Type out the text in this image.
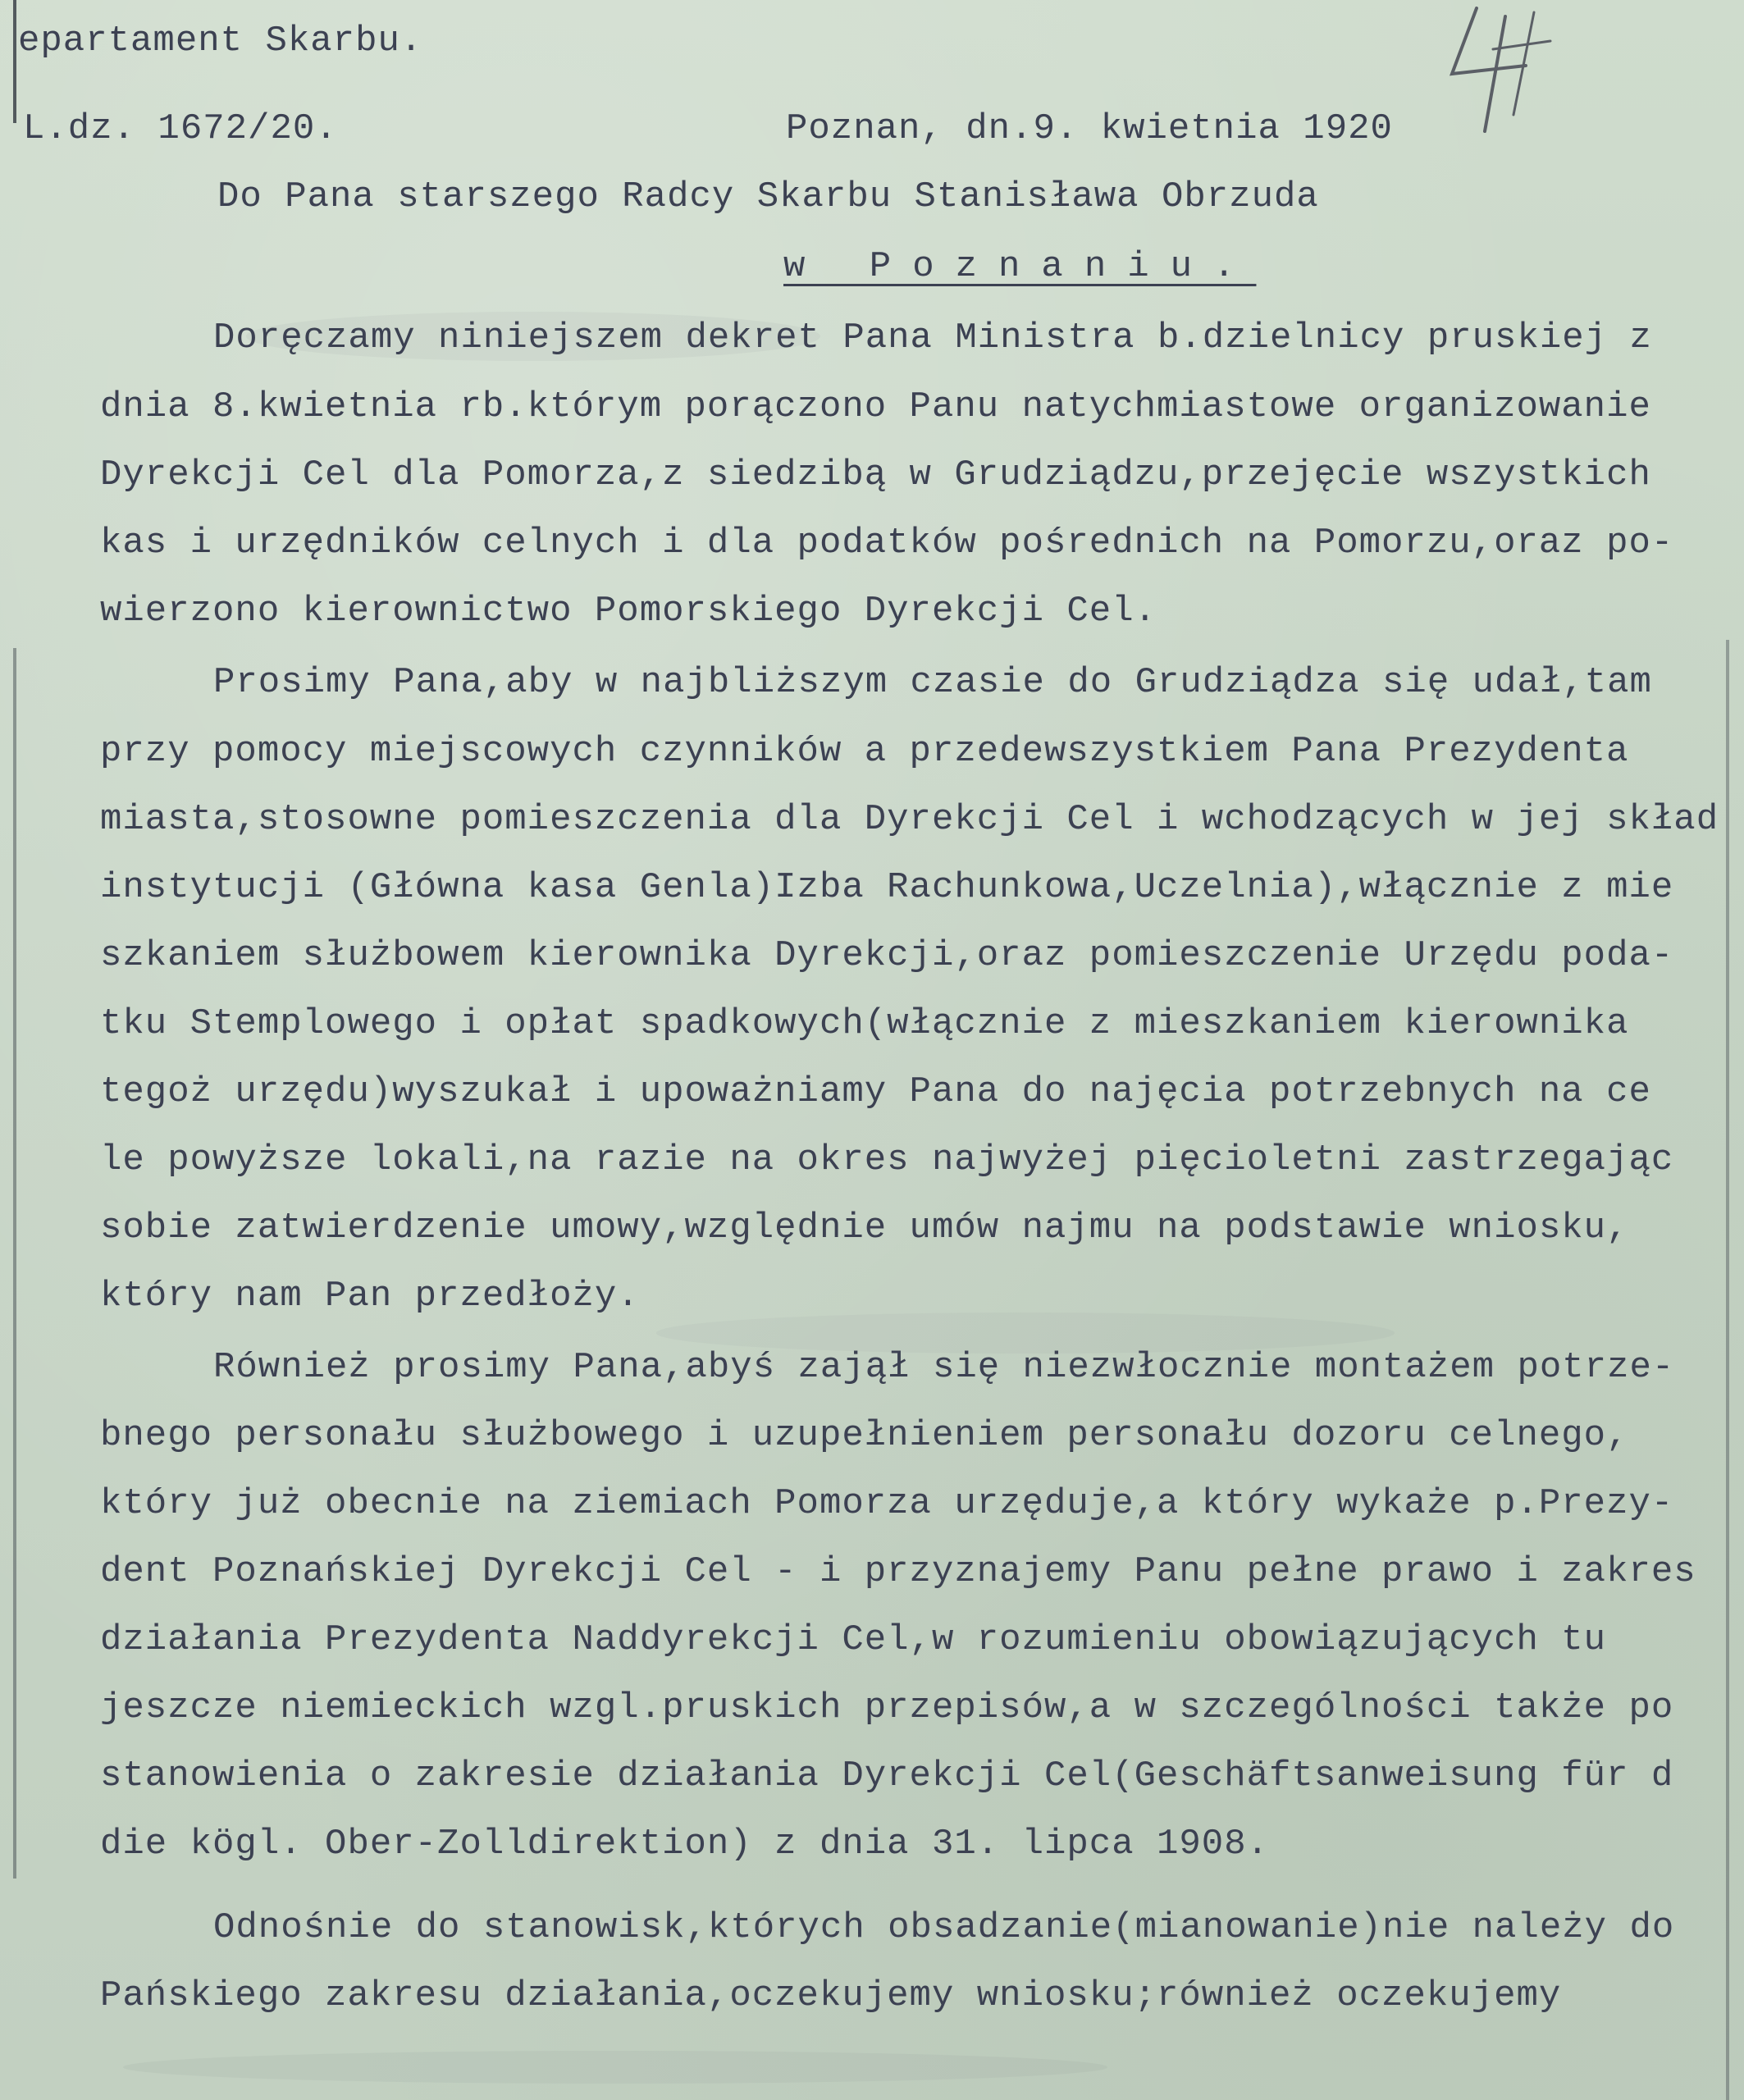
epartament Skarbu.
L.dz. 1672/20.	Poznan, dn.9. kwietnia 1920
Do Pana starszego Radcy Skarbu Stanisława Obrzuda
w Poznaniu.
Doręczamy niniejszem dekret Pana Ministra b.dzielnicy pruskiej z
dnia 8.kwietnia rb.którym porączono Panu natychmiastowe organizowanie
Dyrekcji Cel dla Pomorza,z siedzibą w Grudziądzu,przejęcie wszystkich
kas i urzędników celnych i dla podatków pośrednich na Pomorzu,oraz po-
wierzono kierownictwo Pomorskiego Dyrekcji Cel.
Prosimy Pana,aby w najbliższym czasie do Grudziądza się udał,tam
przy pomocy miejscowych czynników a przedewszystkiem Pana Prezydenta
miasta,stosowne pomieszczenia dla Dyrekcji Cel i wchodzących w jej skład
instytucji (Główna kasa Genla)Izba Rachunkowa,Uczelnia),włącznie z mie
szkaniem służbowem kierownika Dyrekcji,oraz pomieszczenie Urzędu poda-
tku Stemplowego i opłat spadkowych(włącznie z mieszkaniem kierownika
tegoż urzędu)wyszukał i upoważniamy Pana do najęcia potrzebnych na ce
le powyższe lokali,na razie na okres najwyżej pięcioletni zastrzegając
sobie zatwierdzenie umowy,względnie umów najmu na podstawie wniosku,
który nam Pan przedłoży.
Również prosimy Pana,abyś zajął się niezwłocznie montażem potrze-
bnego personału służbowego i uzupełnieniem personału dozoru celnego,
który już obecnie na ziemiach Pomorza urzęduje,a który wykaże p.Prezy-
dent Poznańskiej Dyrekcji Cel - i przyznajemy Panu pełne prawo i zakres
działania Prezydenta Naddyrekcji Cel,w rozumieniu obowiązujących tu
jeszcze niemieckich wzgl.pruskich przepisów,a w szczególności także po
stanowienia o zakresie działania Dyrekcji Cel(Geschäftsanweisung für d
die kögl. Ober-Zolldirektion) z dnia 31. lipca 1908.
Odnośnie do stanowisk,których obsadzanie(mianowanie)nie należy do
Pańskiego zakresu działania,oczekujemy wniosku;również oczekujemy
